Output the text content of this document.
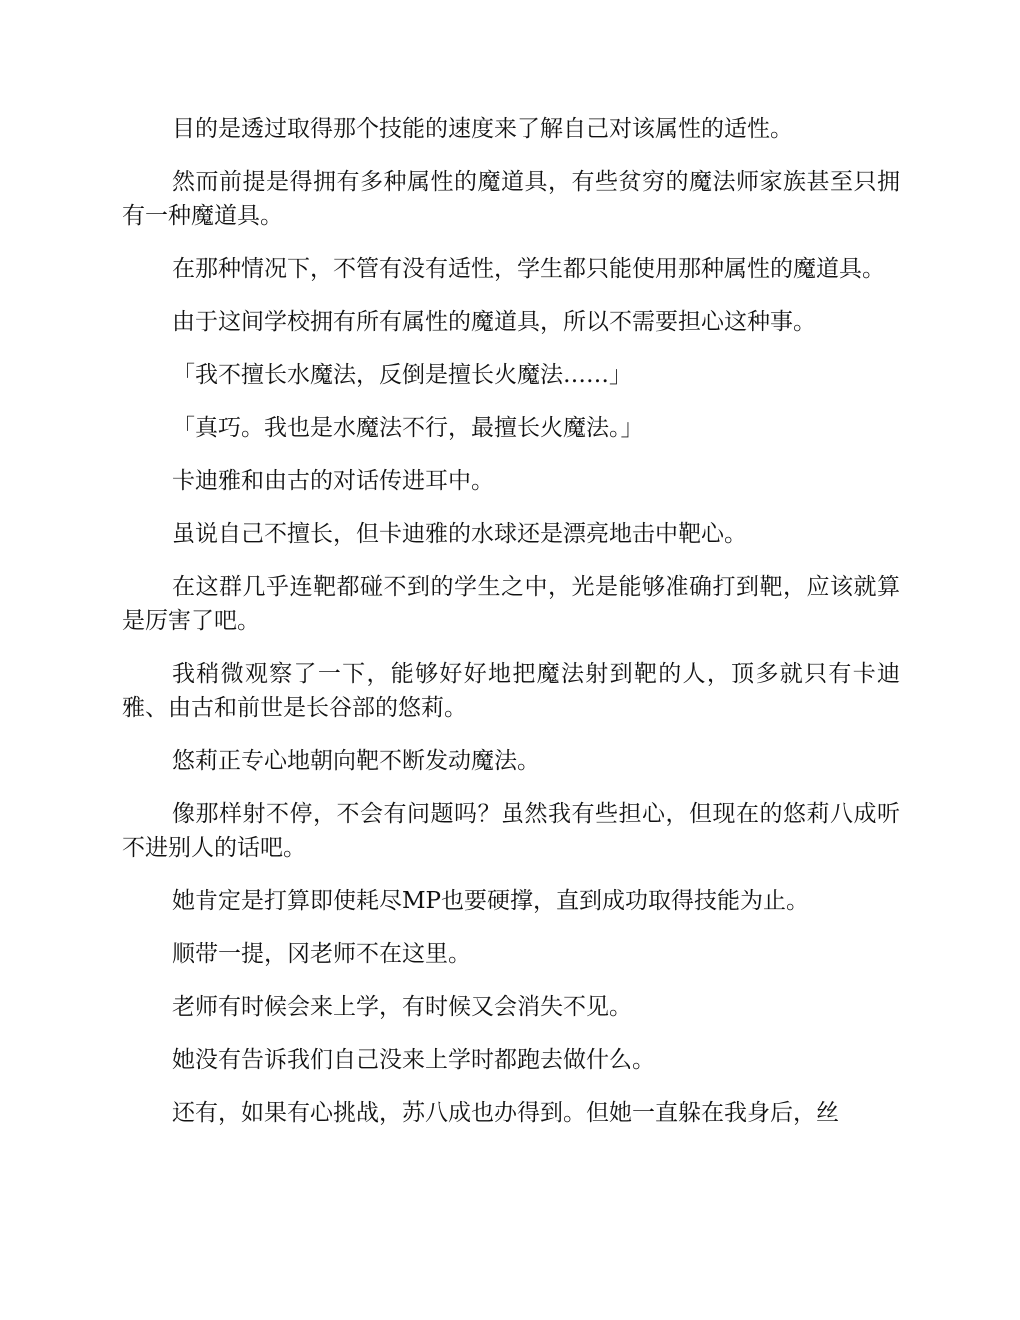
目的是透过取得那个技能的速度来了解自己对该属性的适性。

然而前提是得拥有多种属性的魔道具，有些贫穷的魔法师家族甚至只拥有一种魔道具。

在那种情况下，不管有没有适性，学生都只能使用那种属性的魔道具。

由于这间学校拥有所有属性的魔道具，所以不需要担心这种事。

「我不擅长水魔法，反倒是擅长火魔法……」

「真巧。我也是水魔法不行，最擅长火魔法。」

卡迪雅和由古的对话传进耳中。

虽说自己不擅长，但卡迪雅的水球还是漂亮地击中靶心。

在这群几乎连靶都碰不到的学生之中，光是能够准确打到靶，应该就算是厉害了吧。

我稍微观察了一下，能够好好地把魔法射到靶的人，顶多就只有卡迪雅、由古和前世是长谷部的悠莉。

悠莉正专心地朝向靶不断发动魔法。

像那样射不停，不会有问题吗？虽然我有些担心，但现在的悠莉八成听不进别人的话吧。

她肯定是打算即使耗尽MP也要硬撑，直到成功取得技能为止。

顺带一提，冈老师不在这里。

老师有时候会来上学，有时候又会消失不见。

她没有告诉我们自己没来上学时都跑去做什么。

还有，如果有心挑战，苏八成也办得到。但她一直躲在我身后，丝
